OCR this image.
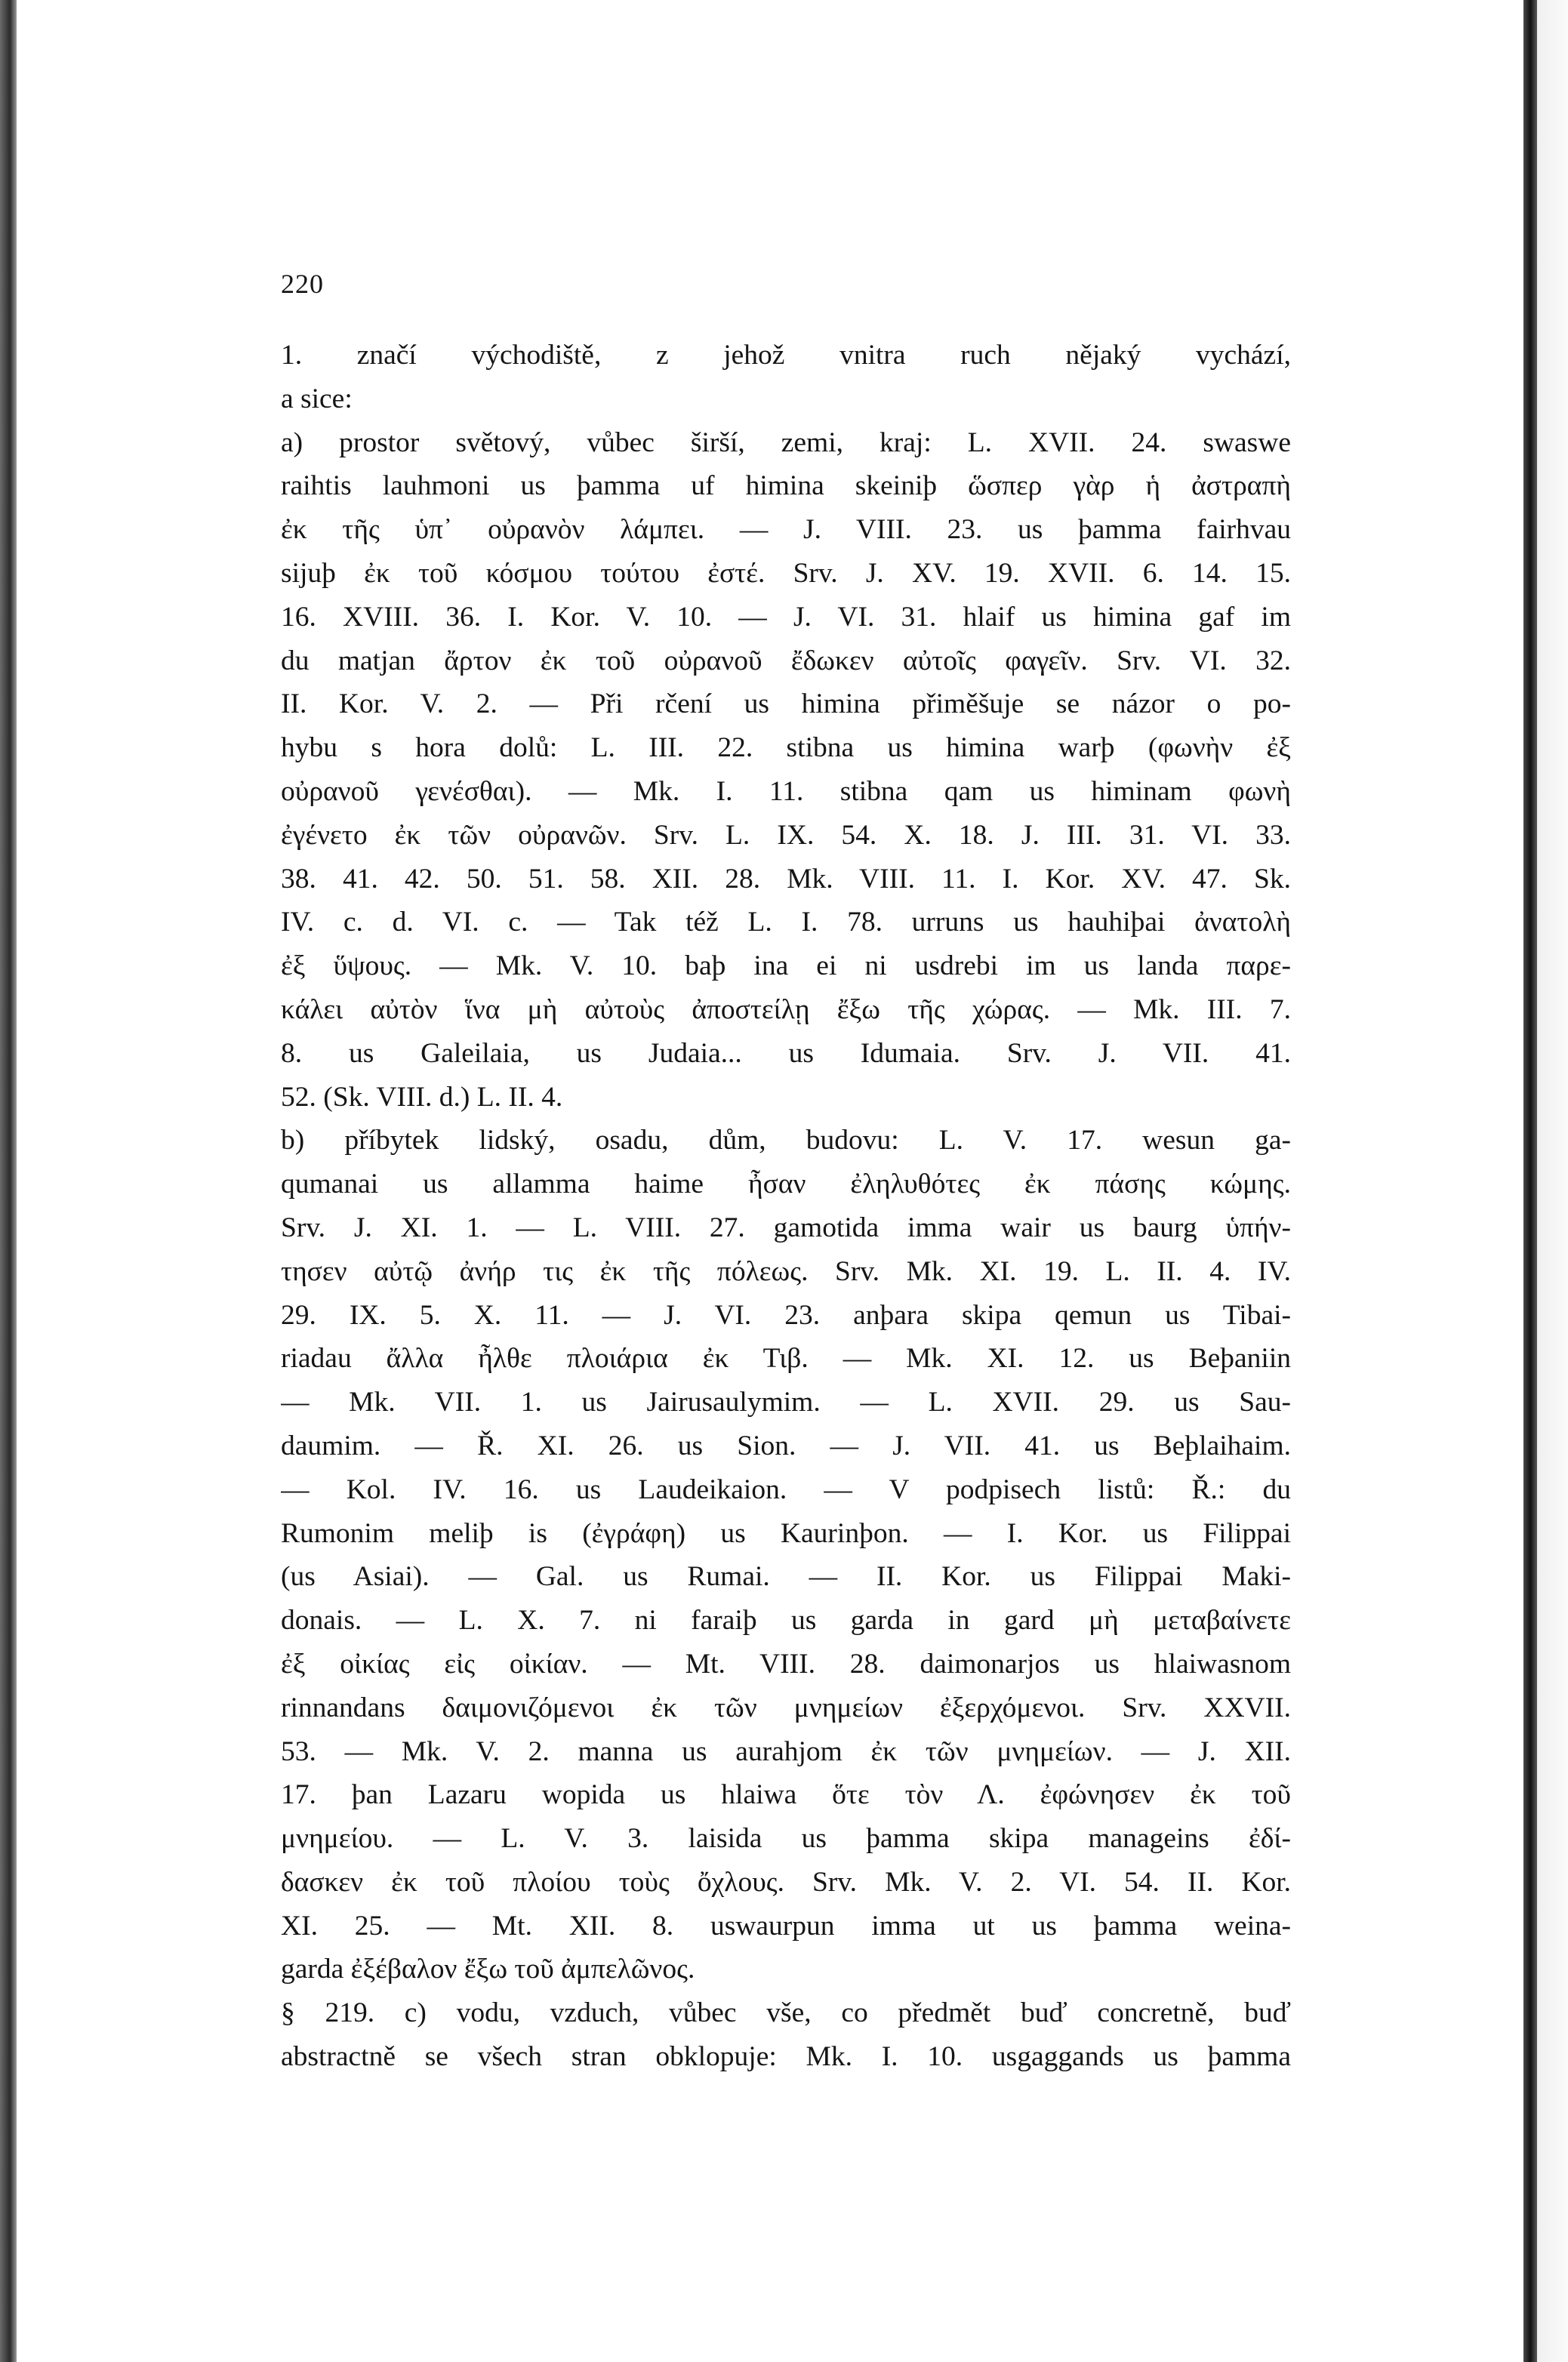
220
1. značí východiště, z jehož vnitra ruch nějaký vychází,
a sice:
a) prostor světový, vůbec širší, zemi, kraj: L. XVII. 24. swaswe
raihtis lauhmoni us þamma uf himina skeiniþ ὥσπερ γὰρ ἡ ἀστραπὴ
ἐκ τῆς ὑπ᾽ οὐρανὸν λάμπει. — J. VIII. 23. us þamma fairhvau
sijuþ ἐκ τοῦ κόσμου τούτου ἐστέ. Srv. J. XV. 19. XVII. 6. 14. 15.
16. XVIII. 36. I. Kor. V. 10. — J. VI. 31. hlaif us himina gaf im
du matjan ἄρτον ἐκ τοῦ οὐρανοῦ ἔδωκεν αὐτοῖς φαγεῖν. Srv. VI. 32.
II. Kor. V. 2. — Při rčení us himina přiměšuje se názor o po-
hybu s hora dolů: L. III. 22. stibna us himina warþ (φωνὴν ἐξ
οὐρανοῦ γενέσθαι). — Mk. I. 11. stibna qam us himinam φωνὴ
ἐγένετο ἐκ τῶν οὐρανῶν. Srv. L. IX. 54. X. 18. J. III. 31. VI. 33.
38. 41. 42. 50. 51. 58. XII. 28. Mk. VIII. 11. I. Kor. XV. 47. Sk.
IV. c. d. VI. c. — Tak též L. I. 78. urruns us hauhiþai ἀνατολὴ
ἐξ ὕψους. — Mk. V. 10. baþ ina ei ni usdrebi im us landa παρε-
κάλει αὐτὸν ἵνα μὴ αὐτοὺς ἀποστείλῃ ἔξω τῆς χώρας. — Mk. III. 7.
8. us Galeilaia, us Judaia... us Idumaia. Srv. J. VII. 41.
52. (Sk. VIII. d.) L. II. 4.
b) příbytek lidský, osadu, dům, budovu: L. V. 17. wesun ga-
qumanai us allamma haime ἦσαν ἐληλυθότες ἐκ πάσης κώμης.
Srv. J. XI. 1. — L. VIII. 27. gamotida imma wair us baurg ὑπήν-
τησεν αὐτῷ ἀνήρ τις ἐκ τῆς πόλεως. Srv. Mk. XI. 19. L. II. 4. IV.
29. IX. 5. X. 11. — J. VI. 23. anþara skipa qemun us Tibai-
riadau ἄλλα ἦλθε πλοιάρια ἐκ Τιβ. — Mk. XI. 12. us Beþaniin
— Mk. VII. 1. us Jairusaulymim. — L. XVII. 29. us Sau-
daumim. — Ř. XI. 26. us Sion. — J. VII. 41. us Beþlaihaim.
— Kol. IV. 16. us Laudeikaion. — V podpisech listů: Ř.: du
Rumonim meliþ is (ἐγράφη) us Kaurinþon. — I. Kor. us Filippai
(us Asiai). — Gal. us Rumai. — II. Kor. us Filippai Maki-
donais. — L. X. 7. ni faraiþ us garda in gard μὴ μεταβαίνετε
ἐξ οἰκίας εἰς οἰκίαν. — Mt. VIII. 28. daimonarjos us hlaiwasnom
rinnandans δαιμονιζόμενοι ἐκ τῶν μνημείων ἐξερχόμενοι. Srv. XXVII.
53. — Mk. V. 2. manna us aurahjom ἐκ τῶν μνημείων. — J. XII.
17. þan Lazaru wopida us hlaiwa ὅτε τὸν Λ. ἐφώνησεν ἐκ τοῦ
μνημείου. — L. V. 3. laisida us þamma skipa manageins ἐδί-
δασκεν ἐκ τοῦ πλοίου τοὺς ὄχλους. Srv. Mk. V. 2. VI. 54. II. Kor.
XI. 25. — Mt. XII. 8. uswaurpun imma ut us þamma weina-
garda ἐξέβαλον ἔξω τοῦ ἀμπελῶνος.
§ 219. c) vodu, vzduch, vůbec vše, co předmět buď concretně, buď
abstractně se všech stran obklopuje: Mk. I. 10. usgaggands us þamma
